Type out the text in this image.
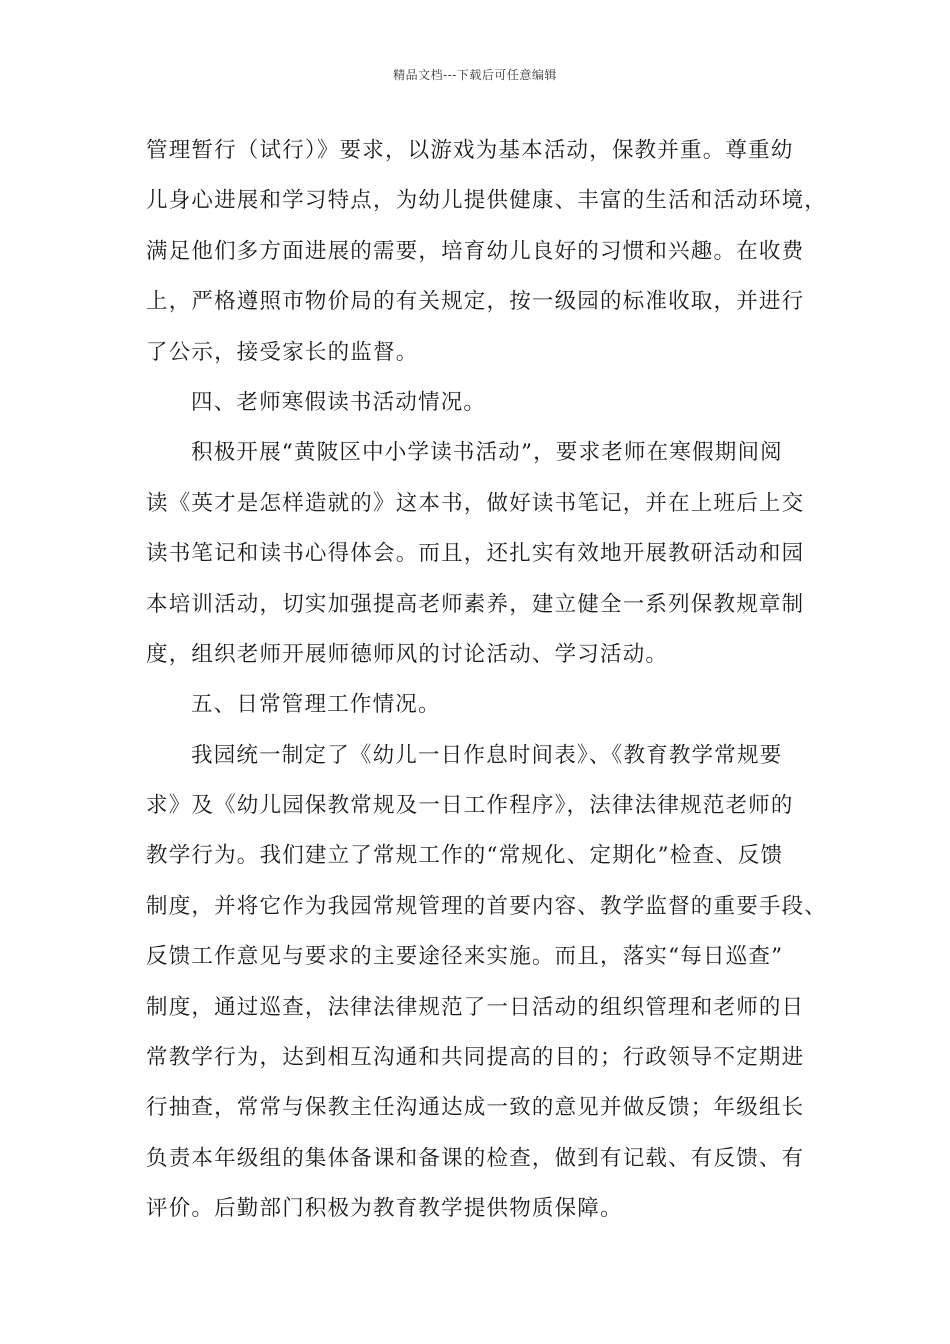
精品文档---下载后可任意编辑
管理暂行（试行）》要求，以游戏为基本活动，保教并重。尊重幼
儿身心进展和学习特点，为幼儿提供健康、丰富的生活和活动环境，
满足他们多方面进展的需要，培育幼儿良好的习惯和兴趣。在收费
上，严格遵照市物价局的有关规定，按一级园的标准收取，并进行
了公示，接受家长的监督。
四、老师寒假读书活动情况。
积极开展“黄陂区中小学读书活动”，要求老师在寒假期间阅
读《英才是怎样造就的》这本书，做好读书笔记，并在上班后上交
读书笔记和读书心得体会。而且，还扎实有效地开展教研活动和园
本培训活动，切实加强提高老师素养，建立健全一系列保教规章制
度，组织老师开展师德师风的讨论活动、学习活动。
五、日常管理工作情况。
我园统一制定了《幼儿一日作息时间表》、《教育教学常规要
求》及《幼儿园保教常规及一日工作程序》，法律法律规范老师的
教学行为。我们建立了常规工作的“常规化、定期化”检查、反馈
制度，并将它作为我园常规管理的首要内容、教学监督的重要手段、
反馈工作意见与要求的主要途径来实施。而且，落实“每日巡查”
制度，通过巡查，法律法律规范了一日活动的组织管理和老师的日
常教学行为，达到相互沟通和共同提高的目的；行政领导不定期进
行抽查，常常与保教主任沟通达成一致的意见并做反馈；年级组长
负责本年级组的集体备课和备课的检查，做到有记载、有反馈、有
评价。后勤部门积极为教育教学提供物质保障。
